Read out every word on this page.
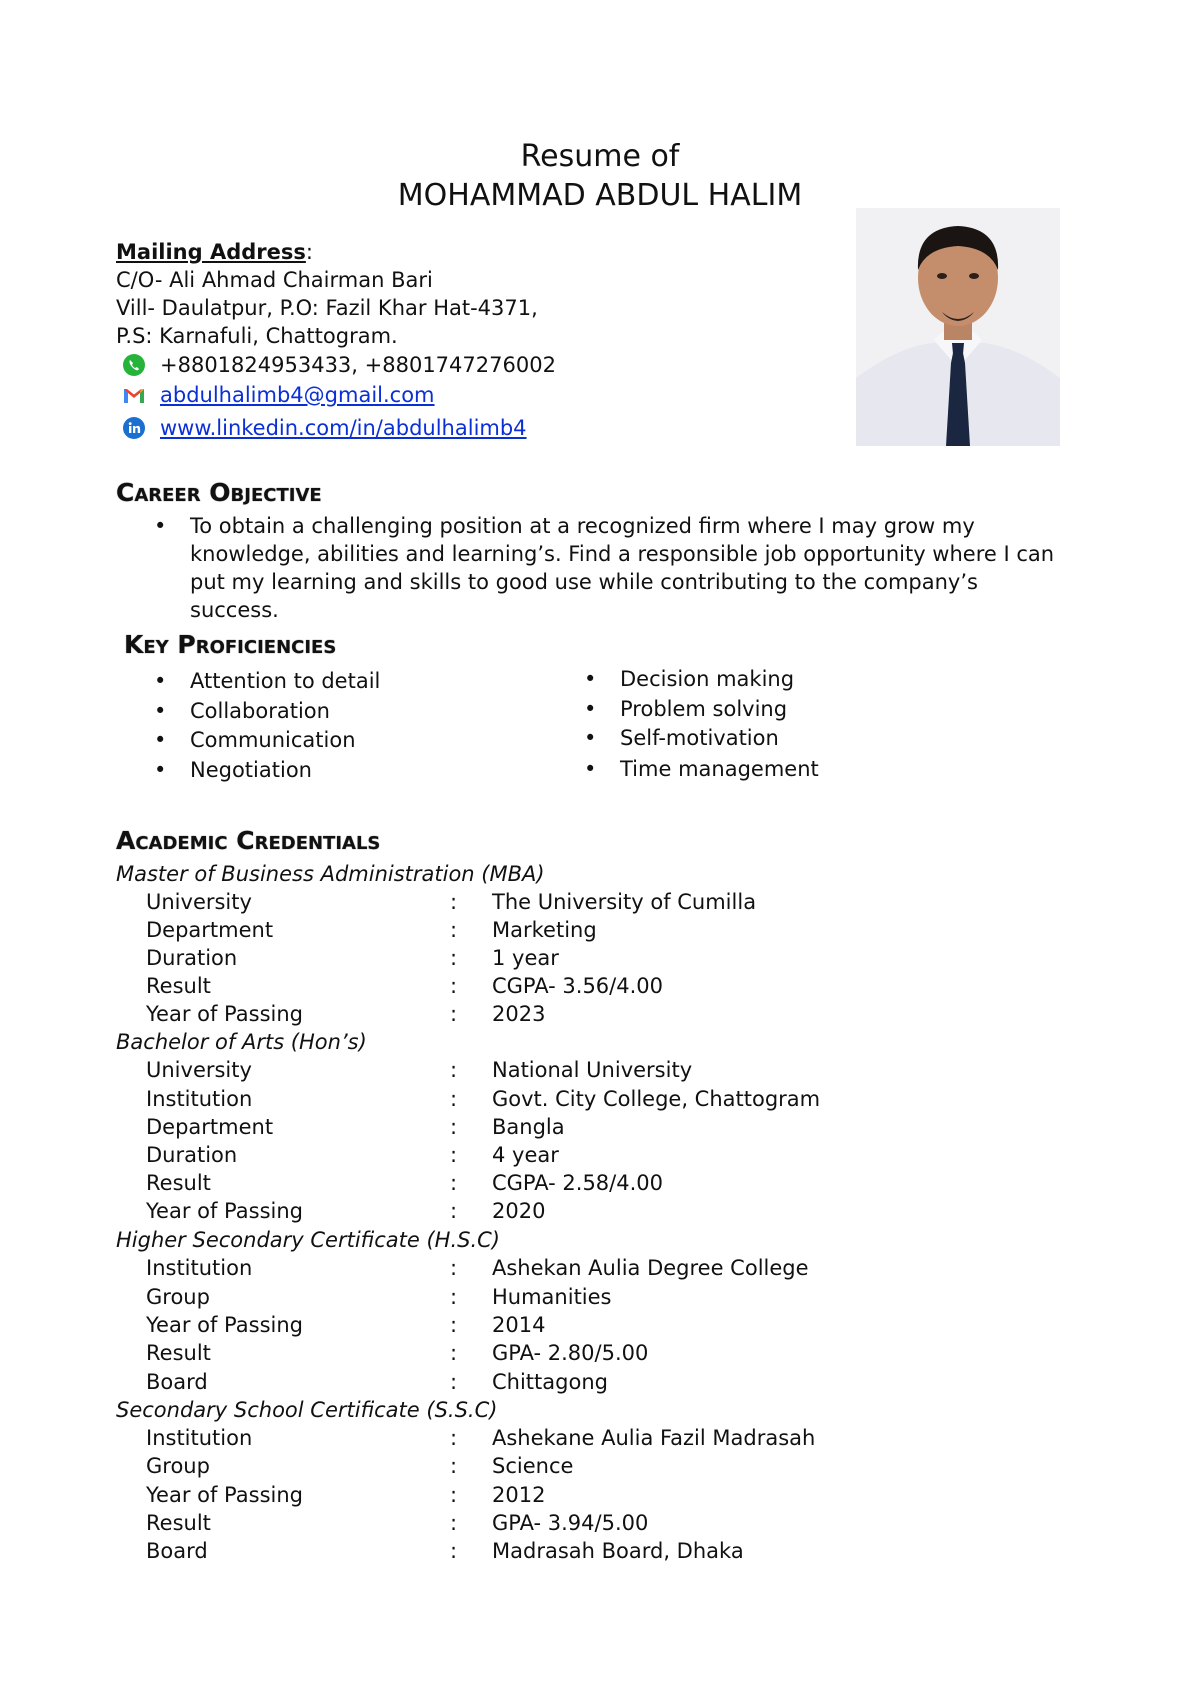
Resume of
MOHAMMAD ABDUL HALIM
Mailing Address:
C/O- Ali Ahmad Chairman Bari
Vill- Daulatpur, P.O: Fazil Khar Hat-4371,
P.S: Karnafuli, Chattogram.
+8801824953433, +8801747276002
abdulhalimb4@gmail.com
www.linkedin.com/in/abdulhalimb4
Career Objective
• To obtain a challenging position at a recognized firm where I may grow my knowledge, abilities and learning’s. Find a responsible job opportunity where I can put my learning and skills to good use while contributing to the company’s success.
Key Proficiencies
• Attention to detail
• Collaboration
• Communication
• Negotiation
• Decision making
• Problem solving
• Self-motivation
• Time management
Academic Credentials
Master of Business Administration (MBA)
University	: The University of Cumilla
Department	: Marketing
Duration	: 1 year
Result	: CGPA- 3.56/4.00
Year of Passing	: 2023
Bachelor of Arts (Hon’s)
University	: National University
Institution	: Govt. City College, Chattogram
Department	: Bangla
Duration	: 4 year
Result	: CGPA- 2.58/4.00
Year of Passing	: 2020
Higher Secondary Certificate (H.S.C)
Institution	: Ashekan Aulia Degree College
Group	: Humanities
Year of Passing	: 2014
Result	: GPA- 2.80/5.00
Board	: Chittagong
Secondary School Certificate (S.S.C)
Institution	: Ashekane Aulia Fazil Madrasah
Group	: Science
Year of Passing	: 2012
Result	: GPA- 3.94/5.00
Board	: Madrasah Board, Dhaka
